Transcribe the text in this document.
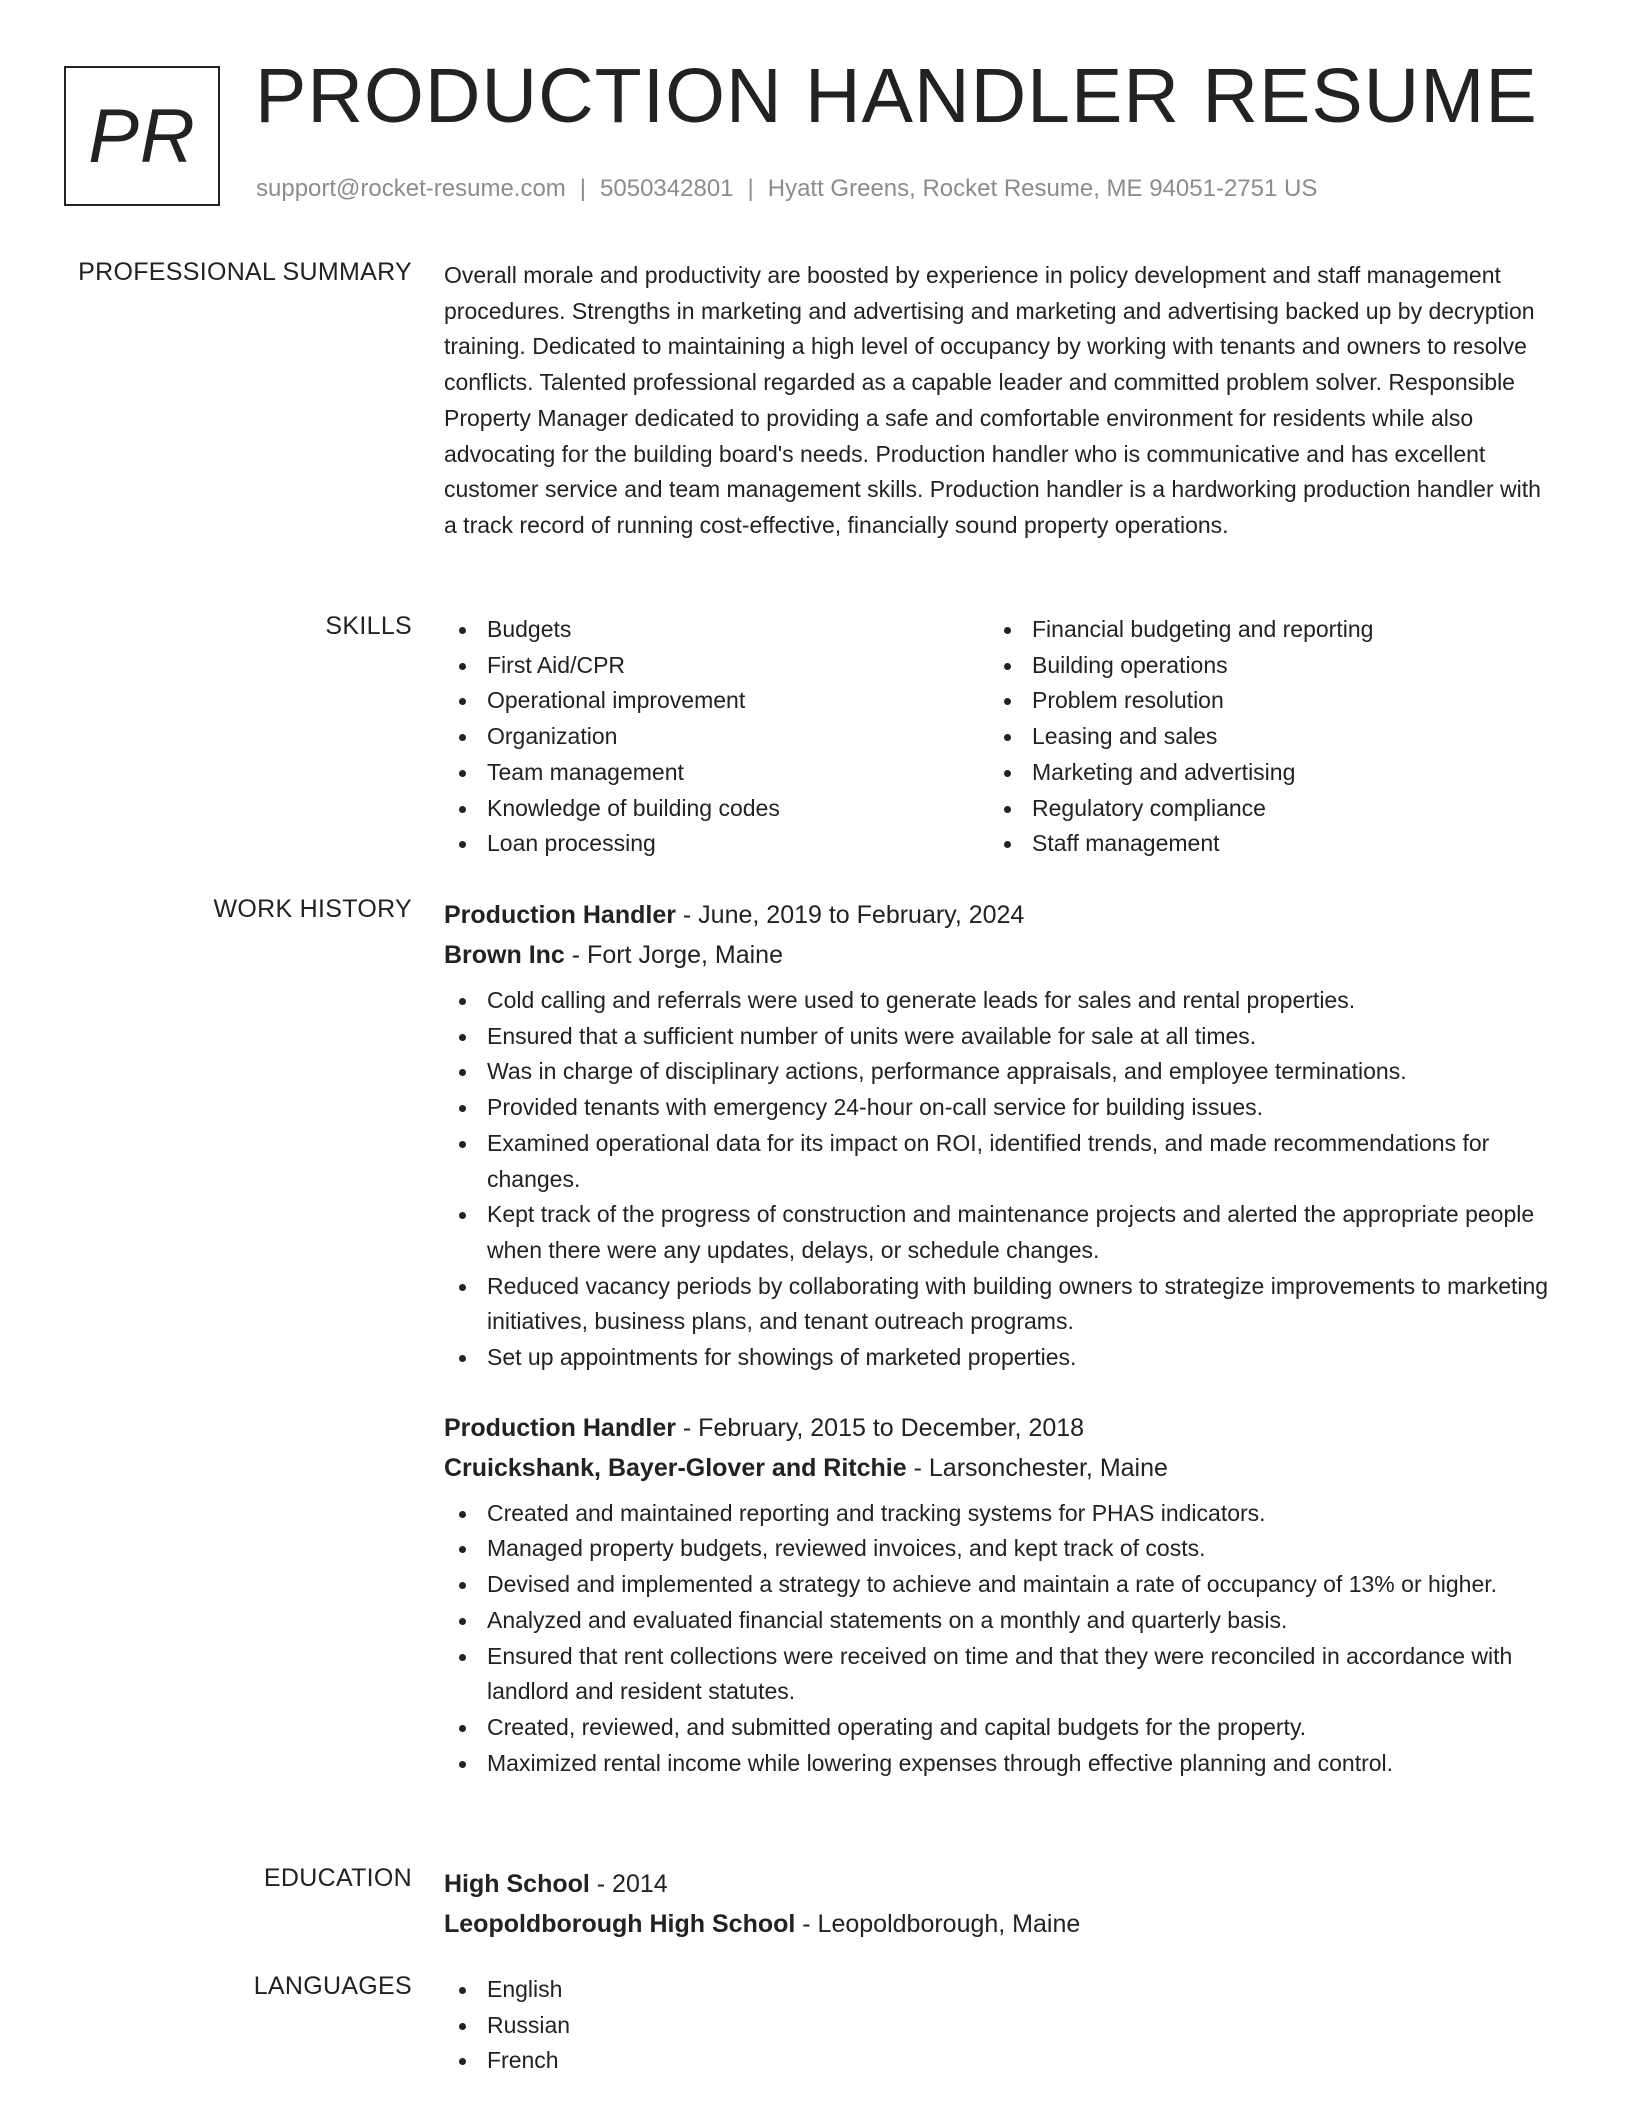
PR PRODUCTION HANDLER RESUME
support@rocket-resume.com | 5050342801 | Hyatt Greens, Rocket Resume, ME 94051-2751 US
PROFESSIONAL SUMMARY Overall morale and productivity are boosted by experience in policy development and staff management procedures. Strengths in marketing and advertising and marketing and advertising backed up by decryption training. Dedicated to maintaining a high level of occupancy by working with tenants and owners to resolve conflicts. Talented professional regarded as a capable leader and committed problem solver. Responsible Property Manager dedicated to providing a safe and comfortable environment for residents while also advocating for the building board's needs. Production handler who is communicative and has excellent customer service and team management skills. Production handler is a hardworking production handler with a track record of running cost-effective, financially sound property operations.

SKILLS	Budgets
First Aid/CPR
Operational improvement
Organization
Team management
Knowledge of building codes
Loan processing
Financial budgeting and reporting
Building operations
Problem resolution
Leasing and sales
Marketing and advertising
Regulatory compliance
Staff management
WORK HISTORY Production Handler - June, 2019 to February, 2024
Brown Inc - Fort Jorge, Maine
Cold calling and referrals were used to generate leads for sales and rental properties.
Ensured that a sufficient number of units were available for sale at all times.
Was in charge of disciplinary actions, performance appraisals, and employee terminations.
Provided tenants with emergency 24-hour on-call service for building issues.
Examined operational data for its impact on ROI, identified trends, and made recommendations for changes.
Kept track of the progress of construction and maintenance projects and alerted the appropriate people when there were any updates, delays, or schedule changes.
Reduced vacancy periods by collaborating with building owners to strategize improvements to marketing initiatives, business plans, and tenant outreach programs.
Set up appointments for showings of marketed properties.
Production Handler - February, 2015 to December, 2018
Cruickshank, Bayer-Glover and Ritchie - Larsonchester, Maine
Created and maintained reporting and tracking systems for PHAS indicators.
Managed property budgets, reviewed invoices, and kept track of costs.
Devised and implemented a strategy to achieve and maintain a rate of occupancy of 13% or higher.
Analyzed and evaluated financial statements on a monthly and quarterly basis.
Ensured that rent collections were received on time and that they were reconciled in accordance with landlord and resident statutes.
Created, reviewed, and submitted operating and capital budgets for the property.
Maximized rental income while lowering expenses through effective planning and control.
EDUCATION High School - 2014
Leopoldborough High School - Leopoldborough, Maine
LANGUAGES	English
Russian
French
